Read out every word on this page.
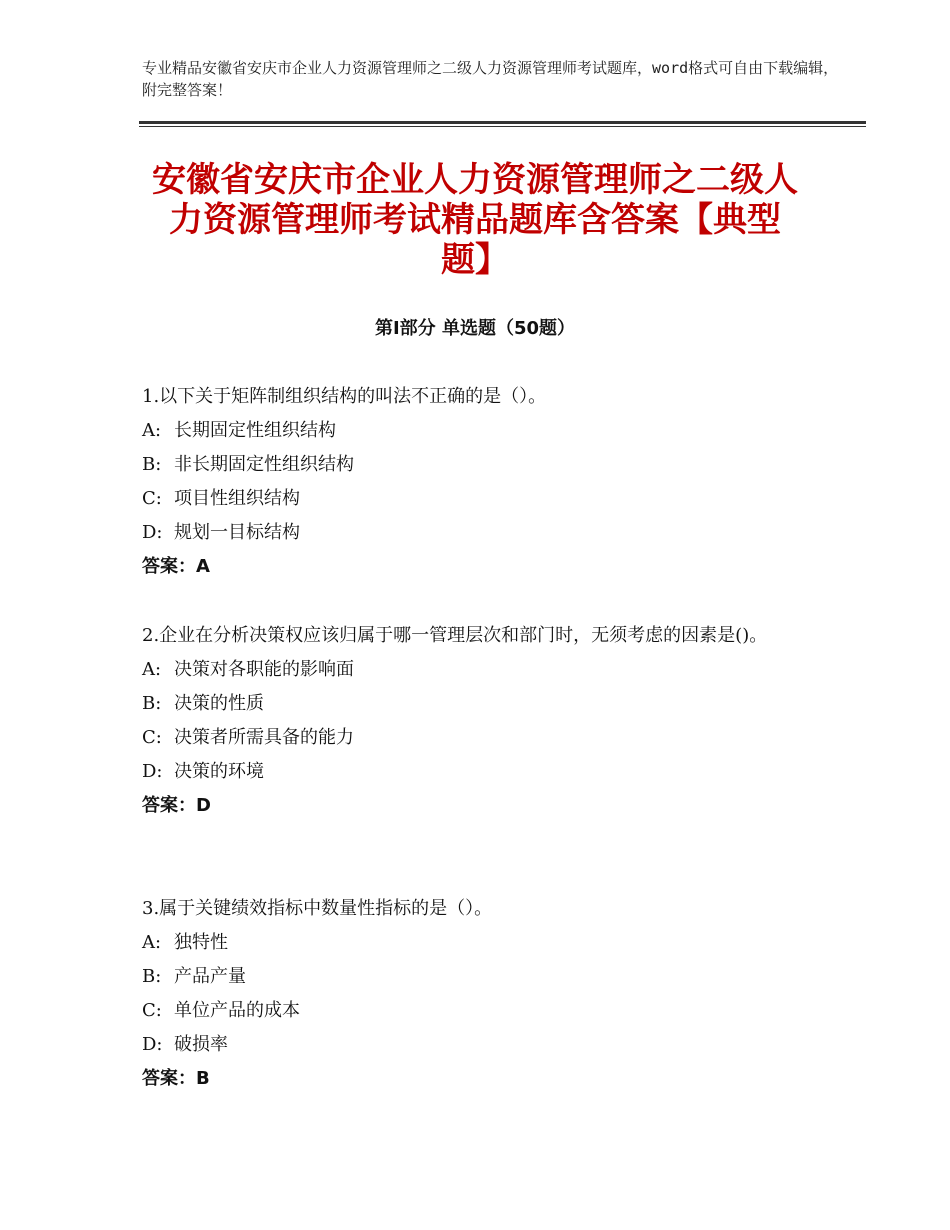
专业精品安徽省安庆市企业人力资源管理师之二级人力资源管理师考试题库，word格式可自由下载编辑，附完整答案！
安徽省安庆市企业人力资源管理师之二级人
力资源管理师考试精品题库含答案【典型
题】
第Ⅰ部分 单选题（50题）
1.以下关于矩阵制组织结构的叫法不正确的是（）。
A: 长期固定性组织结构
B: 非长期固定性组织结构
C: 项目性组织结构
D: 规划一目标结构
答案：A
2.企业在分析决策权应该归属于哪一管理层次和部门时，无须考虑的因素是()。
A: 决策对各职能的影响面
B: 决策的性质
C: 决策者所需具备的能力
D: 决策的环境
答案：D
3.属于关键绩效指标中数量性指标的是（）。
A: 独特性
B: 产品产量
C: 单位产品的成本
D: 破损率
答案：B
